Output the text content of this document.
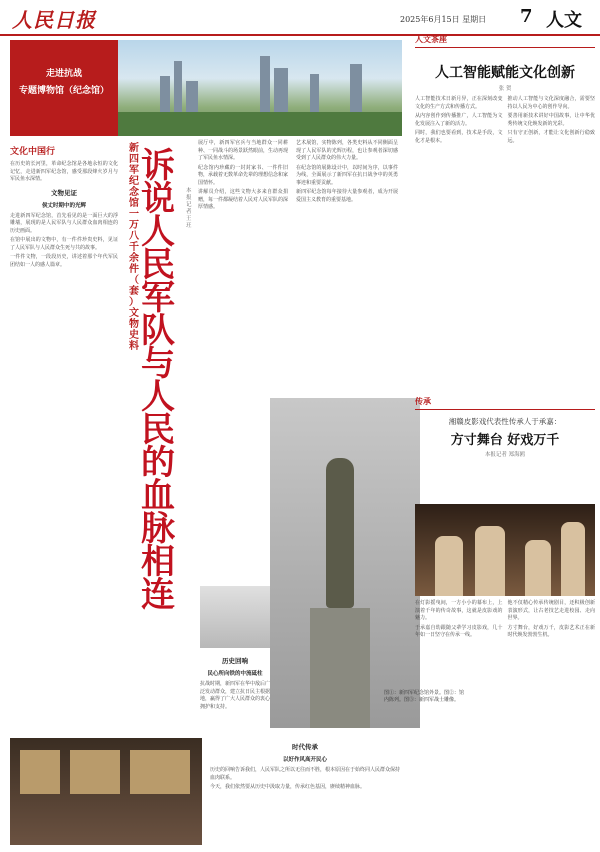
人民日报	2025年6月15日 星期日 7 人文
走进抗战
专题博物馆（纪念馆）
文化中国行

在历史的长河里，革命纪念馆是各地永恒的文化记忆，走进新四军纪念馆，感受那段烽火岁月与军民鱼水深情。

文物见证
侯丈时期中的光辉

走进新四军纪念馆，首先看见的是一面巨大的浮雕墙，展现的是人民军队与人民群众血肉相连的历史画面。

在馆中展出的文物中，有一件件珍贵史料，见证了人民军队与人民群众生死与共的故事。

一件件文物，一段段历史，讲述着那个年代军民团结如一人的感人篇章。

新
四
军
纪
念
馆
一
万
八
千
余
件
（
套
）
文
物
史
料
诉
说
人
民
军
队
与
人
民
的
血
脉
相
连
本报记者 王 玨

展厅中，新四军官兵与当地群众一同耕种、一同战斗的场景跃然眼前，生动再现了军民鱼水情深。

纪念馆内珍藏的一封封家书、一件件旧物，承载着无数革命先辈的理想信念和家国情怀。

讲解员介绍，这些文物大多来自群众捐赠，每一件都凝结着人民对人民军队的深厚情感。

艺术展馆，实物陈列，各类史料从不同侧面呈现了人民军队的光辉历程，也让参观者深切感受到了人民群众的伟大力量。

在纪念馆的展陈设计中，以时间为序，以事件为线，全面展示了新四军在抗日战争中的英勇事迹和重要贡献。

新四军纪念馆每年接待大量参观者，成为开展爱国主义教育的重要基地。

历史回响
民心所向铁的中流砥柱

抗战时期，新四军在华中敌后广泛发动群众，建立抗日民主根据地，赢得了广大人民群众的衷心拥护和支持。

时代传承
以好作风高开民心

历史的回响告诉我们，人民军队之所以无往而不胜，根本原因在于始终同人民群众保持血肉联系。

今天，我们依然要从历史中汲取力量，传承红色基因，赓续精神血脉。

图①：新四军纪念馆外景。图②：馆内陈列。图③：新四军战士雕像。
人文茶座
人工智能赋能文化创新
张 贺

人工智能技术日新月异，正在深刻改变文化的生产方式和传播方式。

从内容创作到传播推广，人工智能为文化发展注入了新的活力。

同时，我们也要看到，技术是手段，文化才是根本。

推动人工智能与文化深度融合，需要坚持以人民为中心的创作导向。

要善用新技术讲好中国故事，让中华优秀传统文化焕发新的光彩。

只有守正创新，才能让文化创新行稳致远。

传承
湘赣皮影戏代表性传承人于承嘉：
方寸舞台 好戏万千
本报记者 郑海鸥

在灯影摇曳间，一方小小的幕布上，上演着千年的传奇故事，这就是皮影戏的魅力。

于承嘉自幼跟随父辈学习皮影戏，几十年如一日坚守在传承一线。

他不仅精心传承传统剧目，还积极创新表演形式，让古老技艺走进校园、走向世界。

方寸舞台，好戏万千，皮影艺术正在新时代焕发勃勃生机。
